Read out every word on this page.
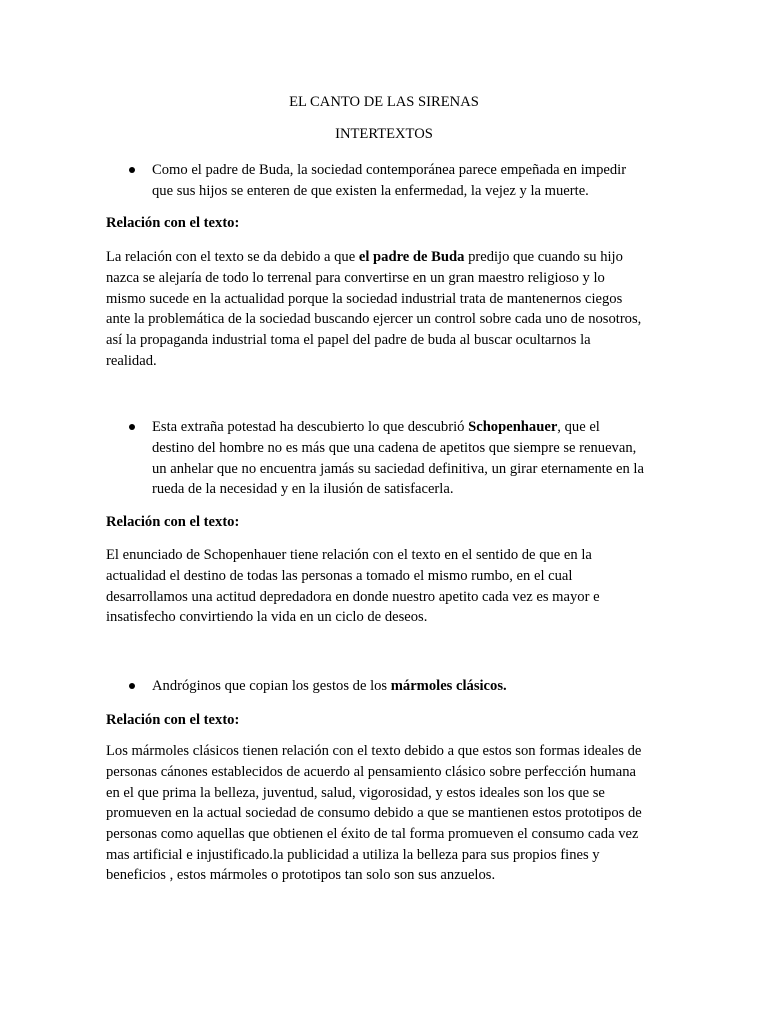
EL CANTO DE LAS SIRENAS
INTERTEXTOS
Como el padre de Buda, la sociedad contemporánea parece empeñada en impedir
que sus hijos se enteren de que existen la enfermedad, la vejez y la muerte.
Relación con el texto:
La relación con el texto se da debido a que el padre de Buda predijo que cuando su hijo
nazca se alejaría de todo lo terrenal para convertirse en un gran maestro religioso y lo
mismo sucede en la actualidad porque la sociedad industrial trata de mantenernos ciegos
ante la problemática de la sociedad buscando ejercer un control sobre cada uno de nosotros,
así la propaganda industrial toma el papel del padre de buda al buscar ocultarnos la
realidad.
Esta extraña potestad ha descubierto lo que descubrió Schopenhauer, que el
destino del hombre no es más que una cadena de apetitos que siempre se renuevan,
un anhelar que no encuentra jamás su saciedad definitiva, un girar eternamente en la
rueda de la necesidad y en la ilusión de satisfacerla.
Relación con el texto:
El enunciado de Schopenhauer tiene relación con el texto en el sentido de que en la
actualidad el destino de todas las personas a tomado el mismo rumbo, en el cual
desarrollamos una actitud depredadora en donde nuestro apetito cada vez es mayor e
insatisfecho convirtiendo la vida en un ciclo de deseos.
Andróginos que copian los gestos de los mármoles clásicos.
Relación con el texto:
Los mármoles clásicos tienen relación con el texto debido a que estos son formas ideales de
personas cánones establecidos de acuerdo al pensamiento clásico sobre perfección humana
en el que prima la belleza, juventud, salud, vigorosidad, y estos ideales son los que se
promueven en la actual sociedad de consumo debido a que se mantienen estos prototipos de
personas como aquellas que obtienen el éxito de tal forma promueven el consumo cada vez
mas artificial e injustificado.la publicidad a utiliza la belleza para sus propios fines y
beneficios , estos mármoles o prototipos tan solo son sus anzuelos.
